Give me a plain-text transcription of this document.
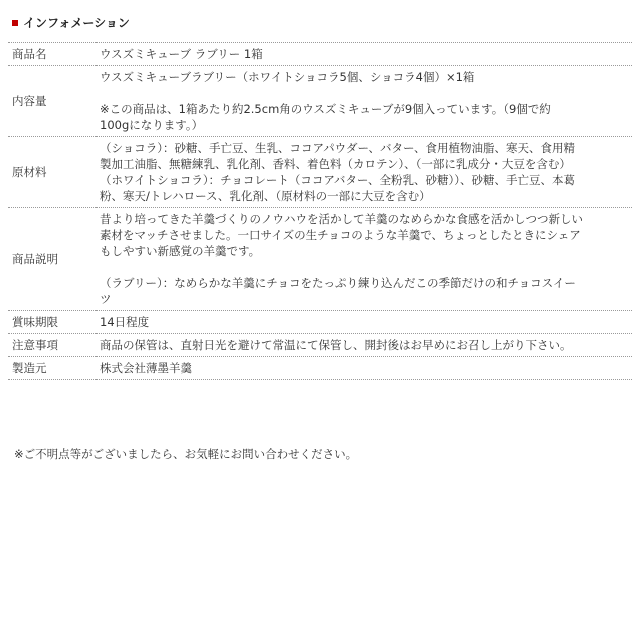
インフォメーション
商品名	ウスズミキューブ ラブリー 1箱

内容量	ウスズミキューブラブリー（ホワイトショコラ5個、ショコラ4個）×1箱
※この商品は、1箱あたり約2.5cm角のウスズミキューブが9個入っています。（9個で約
100gになります。）

原材料	（ショコラ）：砂糖、手亡豆、生乳、ココアパウダー、バター、食用植物油脂、寒天、食用精
製加工油脂、無糖練乳、乳化剤、香料、着色料（カロテン）、（一部に乳成分・大豆を含む）
（ホワイトショコラ）：チョコレート（ココアバター、全粉乳、砂糖））、砂糖、手亡豆、本葛
粉、寒天/トレハロース、乳化剤、（原材料の一部に大豆を含む）

商品説明	昔より培ってきた羊羹づくりのノウハウを活かして羊羹のなめらかな食感を活かしつつ新しい
素材をマッチさせました。一口サイズの生チョコのような羊羹で、ちょっとしたときにシェア
もしやすい新感覚の羊羹です。
（ラブリー）：なめらかな羊羹にチョコをたっぷり練り込んだこの季節だけの和チョコスイー
ツ

賞味期限	14日程度

注意事項	商品の保管は、直射日光を避けて常温にて保管し、開封後はお早めにお召し上がり下さい。

製造元	株式会社薄墨羊羹
※ご不明点等がございましたら、お気軽にお問い合わせください。
